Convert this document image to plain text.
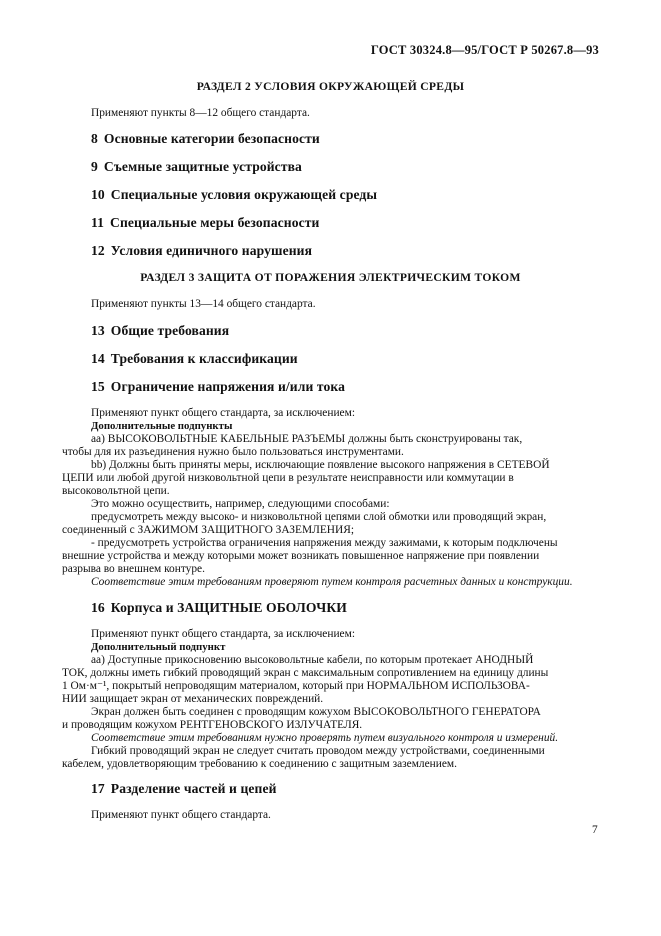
ГОСТ 30324.8—95/ГОСТ Р 50267.8—93
РАЗДЕЛ 2 УСЛОВИЯ ОКРУЖАЮЩЕЙ СРЕДЫ
Применяют пункты 8—12 общего стандарта.
8 Основные категории безопасности
9 Съемные защитные устройства
10 Специальные условия окружающей среды
11 Специальные меры безопасности
12 Условия единичного нарушения
РАЗДЕЛ 3 ЗАЩИТА ОТ ПОРАЖЕНИЯ ЭЛЕКТРИЧЕСКИМ ТОКОМ
Применяют пункты 13—14 общего стандарта.
13 Общие требования
14 Требования к классификации
15 Ограничение напряжения и/или тока
Применяют пункт общего стандарта, за исключением:
Дополнительные подпункты
аа) ВЫСОКОВОЛЬТНЫЕ КАБЕЛЬНЫЕ РАЗЪЕМЫ должны быть сконструированы так,
чтобы для их разъединения нужно было пользоваться инструментами.
bb) Должны быть приняты меры, исключающие появление высокого напряжения в СЕТЕВОЙ
ЦЕПИ или любой другой низковольтной цепи в результате неисправности или коммутации в
высоковольтной цепи.
Это можно осуществить, например, следующими способами:
предусмотреть между высоко- и низковольтной цепями слой обмотки или проводящий экран,
соединенный с ЗАЖИМОМ ЗАЩИТНОГО ЗАЗЕМЛЕНИЯ;
- предусмотреть устройства ограничения напряжения между зажимами, к которым подключены
внешние устройства и между которыми может возникать повышенное напряжение при появлении
разрыва во внешнем контуре.
Соответствие этим требованиям проверяют путем контроля расчетных данных и конструкции.
16 Корпуса и ЗАЩИТНЫЕ ОБОЛОЧКИ
Применяют пункт общего стандарта, за исключением:
Дополнительный подпункт
аа) Доступные прикосновению высоковольтные кабели, по которым протекает АНОДНЫЙ
ТОК, должны иметь гибкий проводящий экран с максимальным сопротивлением на единицу длины
1 Ом·м⁻¹, покрытый непроводящим материалом, который при НОРМАЛЬНОМ ИСПОЛЬЗОВА-
НИИ защищает экран от механических повреждений.
Экран должен быть соединен с проводящим кожухом ВЫСОКОВОЛЬТНОГО ГЕНЕРАТОРА
и проводящим кожухом РЕНТГЕНОВСКОГО ИЗЛУЧАТЕЛЯ.
Соответствие этим требованиям нужно проверять путем визуального контроля и измерений.
Гибкий проводящий экран не следует считать проводом между устройствами, соединенными
кабелем, удовлетворяющим требованию к соединению с защитным заземлением.
17 Разделение частей и цепей
Применяют пункт общего стандарта.
7
